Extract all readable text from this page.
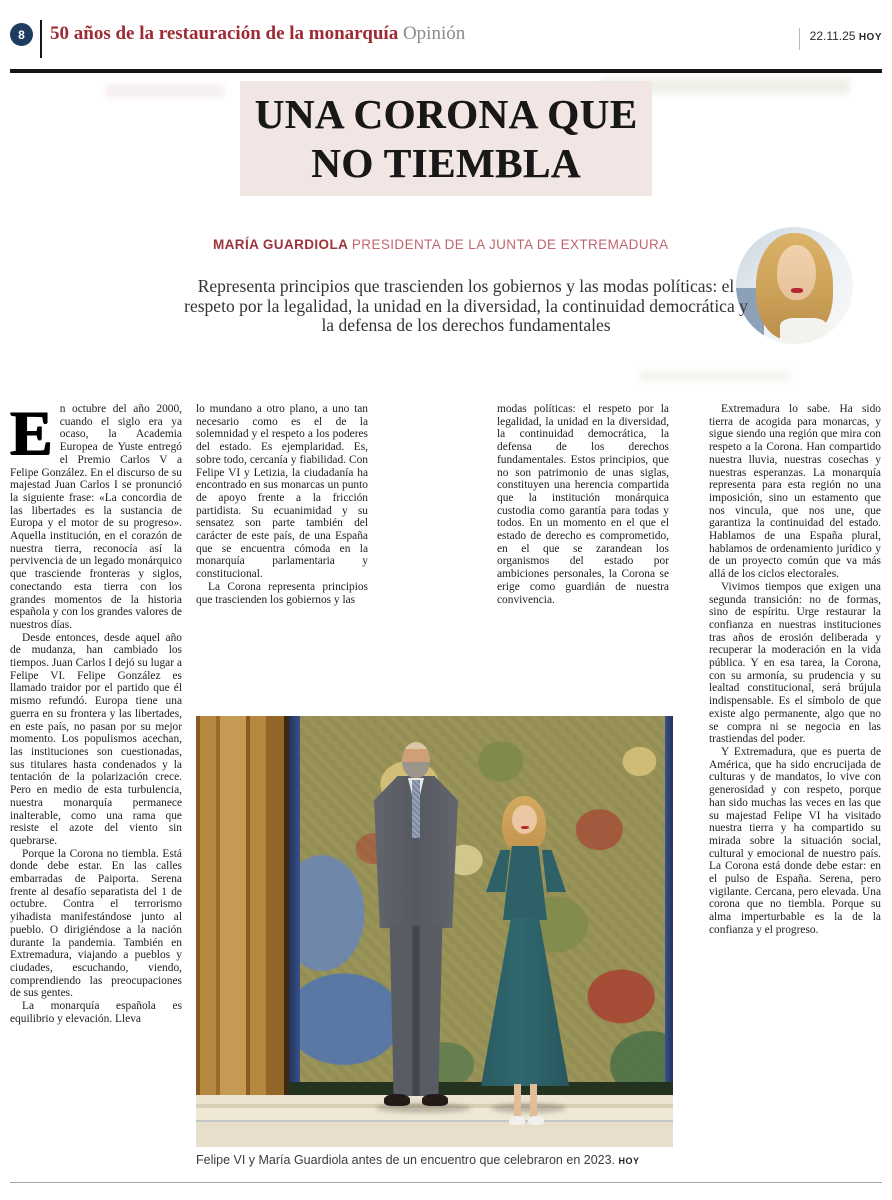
8	50 años de la restauración de la monarquía Opinión	22.11.25 HOY
UNA CORONA QUE NO TIEMBLA
MARÍA GUARDIOLA PRESIDENTA DE LA JUNTA DE EXTREMADURA
Representa principios que trascienden los gobiernos y las modas políticas: el respeto por la legalidad, la unidad en la diversidad, la continuidad democrática y la defensa de los derechos fundamentales

En octubre del año 2000, cuando el siglo era ya ocaso, la Academia Europea de Yuste entregó el Premio Carlos V a Felipe González. En el discurso de su majestad Juan Carlos I se pronunció la siguiente frase: «La concordia de las libertades es la sustancia de Europa y el motor de su progreso». Aquella institución, en el corazón de nuestra tierra, reconocía así la pervivencia de un legado monárquico que trasciende fronteras y siglos, conectando esta tierra con los grandes momentos de la historia española y con los grandes valores de nuestros días.

Desde entonces, desde aquel año de mudanza, han cambiado los tiempos. Juan Carlos I dejó su lugar a Felipe VI. Felipe González es llamado traidor por el partido que él mismo refundó. Europa tiene una guerra en su frontera y las libertades, en este país, no pasan por su mejor momento. Los populismos acechan, las instituciones son cuestionadas, sus titulares hasta condenados y la tentación de la polarización crece. Pero en medio de esta turbulencia, nuestra monarquía permanece inalterable, como una rama que resiste el azote del viento sin quebrarse.

Porque la Corona no tiembla. Está donde debe estar. En las calles embarradas de Paiporta. Serena frente al desafío separatista del 1 de octubre. Contra el terrorismo yihadista manifestándose junto al pueblo. O dirigiéndose a la nación durante la pandemia. También en Extremadura, viajando a pueblos y ciudades, escuchando, viendo, comprendiendo las preocupaciones de sus gentes.

La monarquía española es equilibrio y elevación. Lleva

lo mundano a otro plano, a uno tan necesario como es el de la solemnidad y el respeto a los poderes del estado. Es ejemplaridad. Es, sobre todo, cercanía y fiabilidad. Con Felipe VI y Letizia, la ciudadanía ha encontrado en sus monarcas un punto de apoyo frente a la fricción partidista. Su ecuanimidad y su sensatez son parte también del carácter de este país, de una España que se encuentra cómoda en la monarquía parlamentaria y constitucional.

La Corona representa principios que trascienden los gobiernos y las

modas políticas: el respeto por la legalidad, la unidad en la diversidad, la continuidad democrática, la defensa de los derechos fundamentales. Estos principios, que no son patrimonio de unas siglas, constituyen una herencia compartida que la institución monárquica custodia como garantía para todas y todos. En un momento en el que el estado de derecho es comprometido, en el que se zarandean los organismos del estado por ambiciones personales, la Corona se erige como guardián de nuestra convivencia.

Extremadura lo sabe. Ha sido tierra de acogida para monarcas, y sigue siendo una región que mira con respeto a la Corona. Han compartido nuestra lluvia, nuestras cosechas y nuestras esperanzas. La monarquía representa para esta región no una imposición, sino un estamento que nos vincula, que nos une, que garantiza la continuidad del estado. Hablamos de una España plural, hablamos de ordenamiento jurídico y de un proyecto común que va más allá de los ciclos electorales.

Vivimos tiempos que exigen una segunda transición: no de formas, sino de espíritu. Urge restaurar la confianza en nuestras instituciones tras años de erosión deliberada y recuperar la moderación en la vida pública. Y en esa tarea, la Corona, con su armonía, su prudencia y su lealtad constitucional, será brújula indispensable. Es el símbolo de que existe algo permanente, algo que no se compra ni se negocia en las trastiendas del poder.

Y Extremadura, que es puerta de América, que ha sido encrucijada de culturas y de mandatos, lo vive con generosidad y con respeto, porque han sido muchas las veces en las que su majestad Felipe VI ha visitado nuestra tierra y ha compartido su mirada sobre la situación social, cultural y emocional de nuestro país. La Corona está donde debe estar: en el pulso de España. Serena, pero vigilante. Cercana, pero elevada. Una corona que no tiembla. Porque su alma imperturbable es la de la confianza y el progreso.

Felipe VI y María Guardiola antes de un encuentro que celebraron en 2023. HOY
